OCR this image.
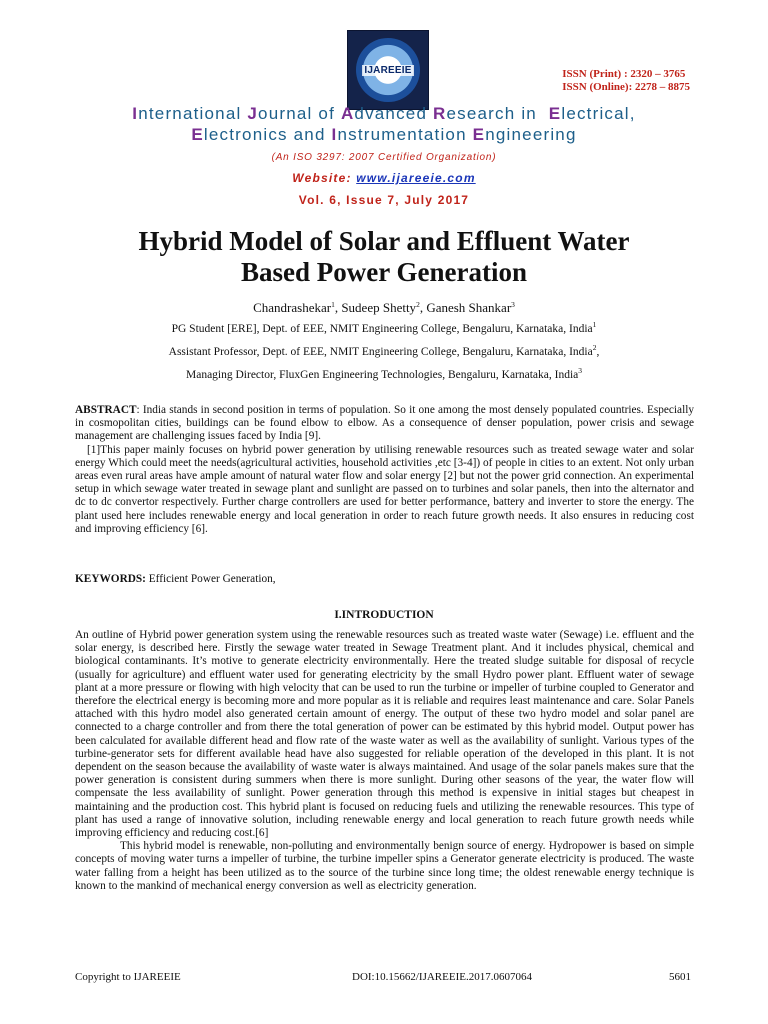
IJAREEIE	ISSN (Print) : 2320 – 3765
ISSN (Online): 2278 – 8875
International Journal of Advanced Research in  Electrical,
Electronics and Instrumentation Engineering
(An ISO 3297: 2007 Certified Organization)
Website: www.ijareeie.com
Vol. 6, Issue 7, July 2017
Hybrid Model of Solar and Effluent Water
Based Power Generation
Chandrashekar$^1$, Sudeep Shetty$^2$, Ganesh Shankar$^3$
PG Student [ERE], Dept. of EEE, NMIT Engineering College, Bengaluru, Karnataka, India$^1$
Assistant Professor, Dept. of EEE, NMIT Engineering College, Bengaluru, Karnataka, India$^2$,
Managing Director, FluxGen Engineering Technologies, Bengaluru, Karnataka, India$^3$

ABSTRACT: India stands in second position in terms of population. So it one among the most densely populated countries. Especially in cosmopolitan cities, buildings can be found elbow to elbow. As a consequence of denser population, power crisis and sewage management are challenging issues faced by India [9].

[1]This paper mainly focuses on hybrid power generation by utilising renewable resources such as treated sewage water and solar energy Which could meet the needs(agricultural activities, household activities ,etc [3-4]) of people in cities to an extent. Not only urban areas even rural areas have ample amount of natural water flow and solar energy [2] but not the power grid connection. An experimental setup in which sewage water treated in sewage plant and sunlight are passed on to turbines and solar panels, then into the alternator and dc to dc convertor respectively. Further charge controllers are used for better performance, battery and inverter to store the energy. The plant used here includes renewable energy and local generation in order to reach future growth needs. It also ensures in reducing cost and improving efficiency [6].

KEYWORDS: Efficient Power Generation,
I.INTRODUCTION

An outline of Hybrid power generation system using the renewable resources such as treated waste water (Sewage) i.e. effluent and the solar energy, is described here. Firstly the sewage water treated in Sewage Treatment plant. And it includes physical, chemical and biological contaminants. It’s motive to generate electricity environmentally. Here the treated sludge suitable for disposal of recycle (usually for agriculture) and effluent water used for generating electricity by the small Hydro power plant. Effluent water of sewage plant at a more pressure or flowing with high velocity that can be used to run the turbine or impeller of turbine coupled to Generator and therefore the electrical energy is becoming more and more popular as it is reliable and requires least maintenance and care. Solar Panels attached with this hydro model also generated certain amount of energy. The output of these two hydro model and solar panel are connected to a charge controller and from there the total generation of power can be estimated by this hybrid model. Output power has been calculated for available different head and flow rate of the waste water as well as the availability of sunlight. Various types of the turbine-generator sets for different available head have also suggested for reliable operation of the developed in this plant. It is not dependent on the season because the availability of waste water is always maintained. And usage of the solar panels makes sure that the power generation is consistent during summers when there is more sunlight. During other seasons of the year, the water flow will compensate the less availability of sunlight. Power generation through this method is expensive in initial stages but cheapest in maintaining and the production cost. This hybrid plant is focused on reducing fuels and utilizing the renewable resources. This type of plant has used a range of innovative solution, including renewable energy and local generation to reach future growth needs while improving efficiency and reducing cost.[6]

This hybrid model is renewable, non-polluting and environmentally benign source of energy. Hydropower is based on simple concepts of moving water turns a impeller of turbine, the turbine impeller spins a Generator generate electricity is produced. The waste water falling from a height has been utilized as to the source of the turbine since long time; the oldest renewable energy technique is known to the mankind of mechanical energy conversion as well as electricity generation.

Copyright to IJAREEIE	DOI:10.15662/IJAREEIE.2017.0607064	5601
